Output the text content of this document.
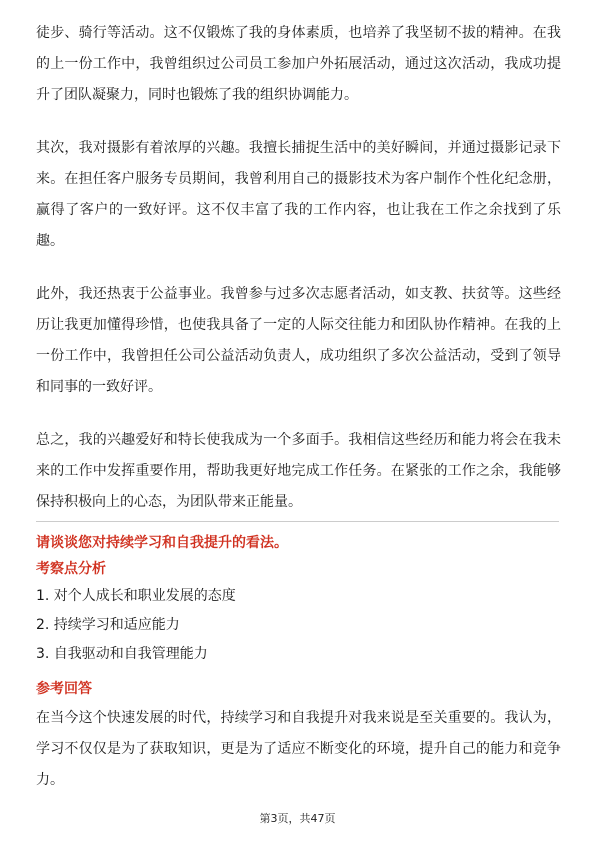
徒步、骑行等活动。这不仅锻炼了我的身体素质，也培养了我坚韧不拔的精神。在我的上一份工作中，我曾组织过公司员工参加户外拓展活动，通过这次活动，我成功提升了团队凝聚力，同时也锻炼了我的组织协调能力。

其次，我对摄影有着浓厚的兴趣。我擅长捕捉生活中的美好瞬间，并通过摄影记录下来。在担任客户服务专员期间，我曾利用自己的摄影技术为客户制作个性化纪念册，赢得了客户的一致好评。这不仅丰富了我的工作内容，也让我在工作之余找到了乐趣。

此外，我还热衷于公益事业。我曾参与过多次志愿者活动，如支教、扶贫等。这些经历让我更加懂得珍惜，也使我具备了一定的人际交往能力和团队协作精神。在我的上一份工作中，我曾担任公司公益活动负责人，成功组织了多次公益活动，受到了领导和同事的一致好评。

总之，我的兴趣爱好和特长使我成为一个多面手。我相信这些经历和能力将会在我未来的工作中发挥重要作用，帮助我更好地完成工作任务。在紧张的工作之余，我能够保持积极向上的心态，为团队带来正能量。

请谈谈您对持续学习和自我提升的看法。

考察点分析

1. 对个人成长和职业发展的态度

2. 持续学习和适应能力

3. 自我驱动和自我管理能力

参考回答

在当今这个快速发展的时代，持续学习和自我提升对我来说是至关重要的。我认为，学习不仅仅是为了获取知识，更是为了适应不断变化的环境，提升自己的能力和竞争力。

第3页，共47页
